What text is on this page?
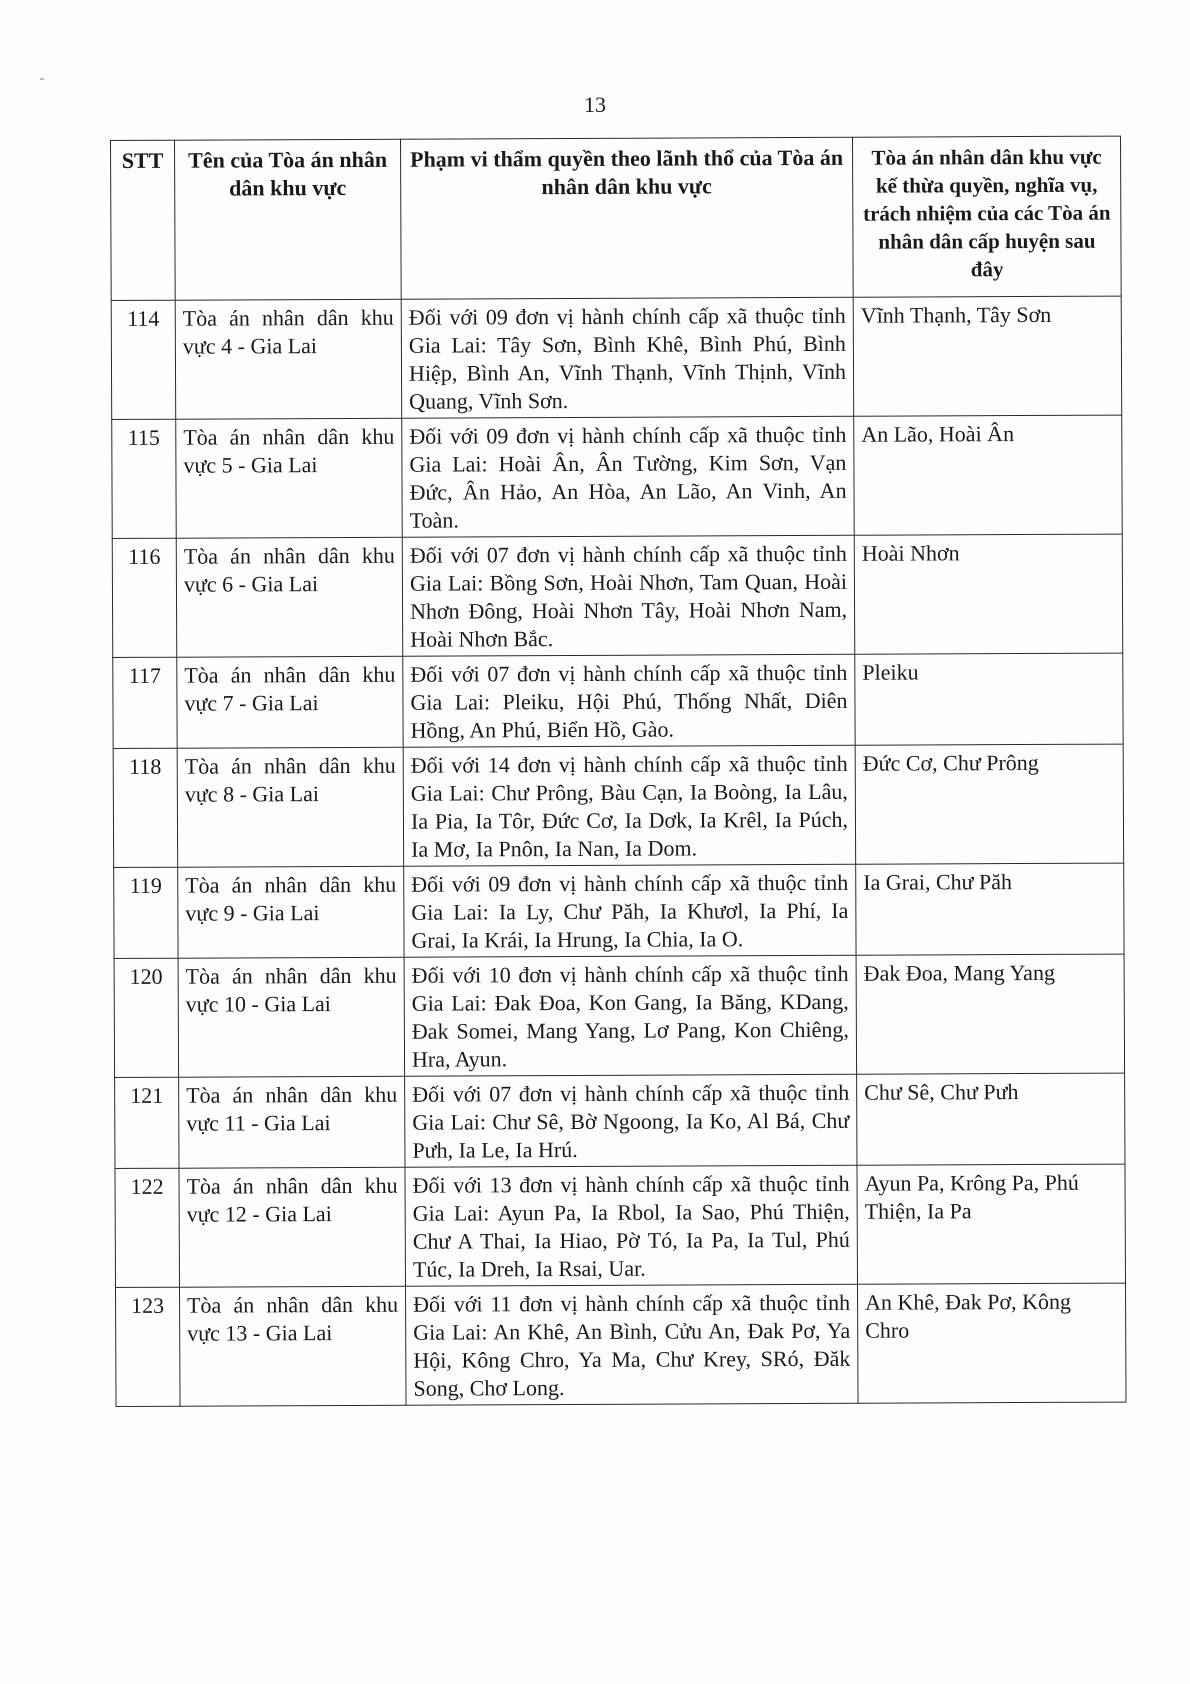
13
STT	Tên của Tòa án nhân dân khu vực	Phạm vi thẩm quyền theo lãnh thổ của Tòa án nhân dân khu vực	Tòa án nhân dân khu vực kế thừa quyền, nghĩa vụ, trách nhiệm của các Tòa án nhân dân cấp huyện sau đây
114	Tòa án nhân dân khu vực 4 - Gia Lai	Đối với 09 đơn vị hành chính cấp xã thuộc tỉnh Gia Lai: Tây Sơn, Bình Khê, Bình Phú, Bình Hiệp, Bình An, Vĩnh Thạnh, Vĩnh Thịnh, Vĩnh Quang, Vĩnh Sơn.	Vĩnh Thạnh, Tây Sơn
115	Tòa án nhân dân khu vực 5 - Gia Lai	Đối với 09 đơn vị hành chính cấp xã thuộc tỉnh Gia Lai: Hoài Ân, Ân Tường, Kim Sơn, Vạn Đức, Ân Hảo, An Hòa, An Lão, An Vinh, An Toàn.	An Lão, Hoài Ân
116	Tòa án nhân dân khu vực 6 - Gia Lai	Đối với 07 đơn vị hành chính cấp xã thuộc tỉnh Gia Lai: Bồng Sơn, Hoài Nhơn, Tam Quan, Hoài Nhơn Đông, Hoài Nhơn Tây, Hoài Nhơn Nam, Hoài Nhơn Bắc.	Hoài Nhơn
117	Tòa án nhân dân khu vực 7 - Gia Lai	Đối với 07 đơn vị hành chính cấp xã thuộc tỉnh Gia Lai: Pleiku, Hội Phú, Thống Nhất, Diên Hồng, An Phú, Biển Hồ, Gào.	Pleiku
118	Tòa án nhân dân khu vực 8 - Gia Lai	Đối với 14 đơn vị hành chính cấp xã thuộc tỉnh Gia Lai: Chư Prông, Bàu Cạn, Ia Boòng, Ia Lâu, Ia Pia, Ia Tôr, Đức Cơ, Ia Dơk, Ia Krêl, Ia Púch, Ia Mơ, Ia Pnôn, Ia Nan, Ia Dom.	Đức Cơ, Chư Prông
119	Tòa án nhân dân khu vực 9 - Gia Lai	Đối với 09 đơn vị hành chính cấp xã thuộc tỉnh Gia Lai: Ia Ly, Chư Păh, Ia Khươl, Ia Phí, Ia Grai, Ia Krái, Ia Hrung, Ia Chia, Ia O.	Ia Grai, Chư Păh
120	Tòa án nhân dân khu vực 10 - Gia Lai	Đối với 10 đơn vị hành chính cấp xã thuộc tỉnh Gia Lai: Đak Đoa, Kon Gang, Ia Băng, KDang, Đak Somei, Mang Yang, Lơ Pang, Kon Chiêng, Hra, Ayun.	Đak Đoa, Mang Yang
121	Tòa án nhân dân khu vực 11 - Gia Lai	Đối với 07 đơn vị hành chính cấp xã thuộc tỉnh Gia Lai: Chư Sê, Bờ Ngoong, Ia Ko, Al Bá, Chư Pưh, Ia Le, Ia Hrú.	Chư Sê, Chư Pưh
122	Tòa án nhân dân khu vực 12 - Gia Lai	Đối với 13 đơn vị hành chính cấp xã thuộc tỉnh Gia Lai: Ayun Pa, Ia Rbol, Ia Sao, Phú Thiện, Chư A Thai, Ia Hiao, Pờ Tó, Ia Pa, Ia Tul, Phú Túc, Ia Dreh, Ia Rsai, Uar.	Ayun Pa, Krông Pa, Phú Thiện, Ia Pa
123	Tòa án nhân dân khu vực 13 - Gia Lai	Đối với 11 đơn vị hành chính cấp xã thuộc tỉnh Gia Lai: An Khê, An Bình, Cửu An, Đak Pơ, Ya Hội, Kông Chro, Ya Ma, Chư Krey, SRó, Đăk Song, Chơ Long.	An Khê, Đak Pơ, Kông Chro
